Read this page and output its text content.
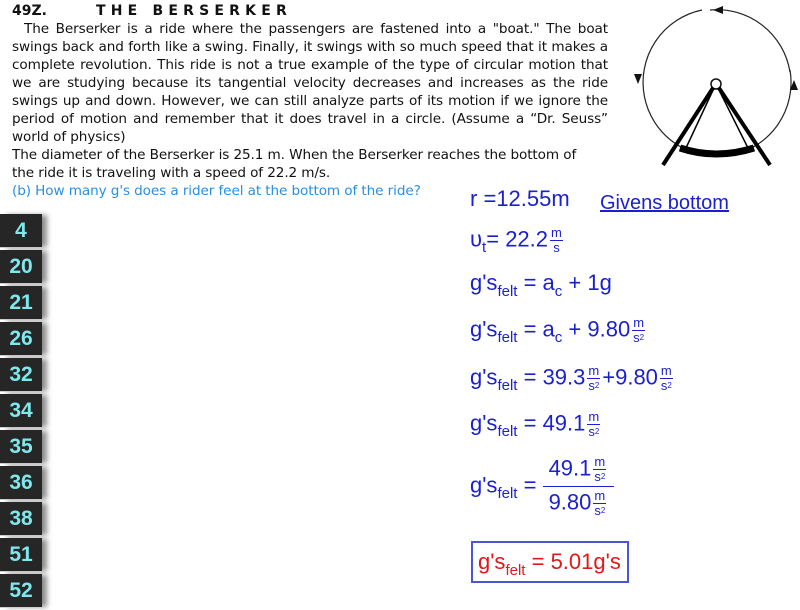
49Z.	THE BERSERKER

The Berserker is a ride where the passengers are fastened into a "boat." The boat swings back and forth like a swing. Finally, it swings with so much speed that it makes a complete revolution. This ride is not a true example of the type of circular motion that we are studying because its tangential velocity decreases and increases as the ride swings up and down. However, we can still analyze parts of its motion if we ignore the period of motion and remember that it does travel in a circle. (Assume a “Dr. Seuss” world of physics)

The diameter of the Berserker is 25.1 m. When the Berserker reaches the bottom of

the ride it is traveling with a speed of 22.2 m/s.

(b) How many g's does a rider feel at the bottom of the ride?

4
20
21
26
32
34
35
36
38
51
52
Givens bottom
r =12.55m
$\upsilon_t= 22.2 \frac{m}{s}$
$g's_{felt} = a_c + 1g$
$g's_{felt} = a_c + 9.80 \frac{m}{s^2}$
$g's_{felt} = 39.3 \frac{m}{s^2} +9.80 \frac{m}{s^2}$
$g's_{felt} = 49.1 \frac{m}{s^2}$
$g's_{felt} = \frac{49.1 \frac{m}{s^2}}{9.80 \frac{m}{s^2}}$
$g's_{felt} = 5.01g's$
